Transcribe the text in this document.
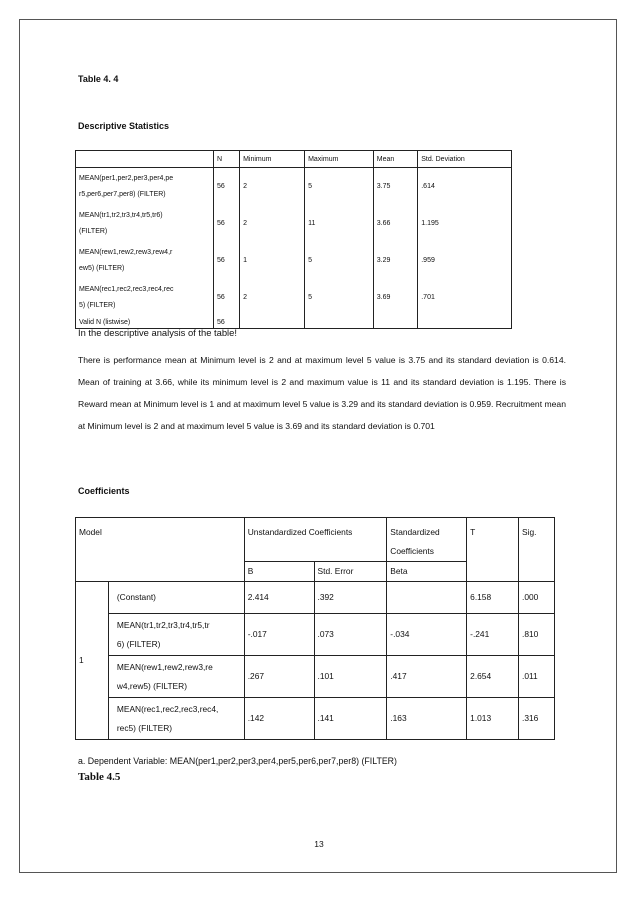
Table 4. 4
Descriptive Statistics
	N	Minimum	Maximum	Mean	Std. Deviation
MEAN(per1,per2,per3,per4,pe
r5,per6,per7,per8) (FILTER)	56	2	5	3.75	.614
MEAN(tr1,tr2,tr3,tr4,tr5,tr6)
(FILTER)	56	2	11	3.66	1.195
MEAN(rew1,rew2,rew3,rew4,r
ew5) (FILTER)	56	1	5	3.29	.959
MEAN(rec1,rec2,rec3,rec4,rec
5) (FILTER)	56	2	5	3.69	.701
Valid N (listwise)	56				
In the descriptive analysis of the table!
There is performance mean at Minimum level is 2 and at maximum level 5 value is 3.75 and its standard deviation is 0.614. Mean of training at 3.66, while its minimum level is 2 and maximum value is 11 and its standard deviation is 1.195. There is Reward mean at Minimum level is 1 and at maximum level 5 value is 3.29 and its standard deviation is 0.959. Recruitment mean at Minimum level is 2 and at maximum level 5 value is 3.69 and its standard deviation is 0.701
Coefficients
Model		Unstandardized Coefficients		Standardized
Coefficients	T	Sig.

		B	Std. Error	Beta		
1	(Constant)	2.414	.392		6.158	.000
	MEAN(tr1,tr2,tr3,tr4,tr5,tr
6) (FILTER)	-.017	.073	-.034	-.241	.810
	MEAN(rew1,rew2,rew3,re
w4,rew5) (FILTER)	.267	.101	.417	2.654	.011
	MEAN(rec1,rec2,rec3,rec4,
rec5) (FILTER)	.142	.141	.163	1.013	.316
a. Dependent Variable: MEAN(per1,per2,per3,per4,per5,per6,per7,per8) (FILTER)
Table 4.5
13
